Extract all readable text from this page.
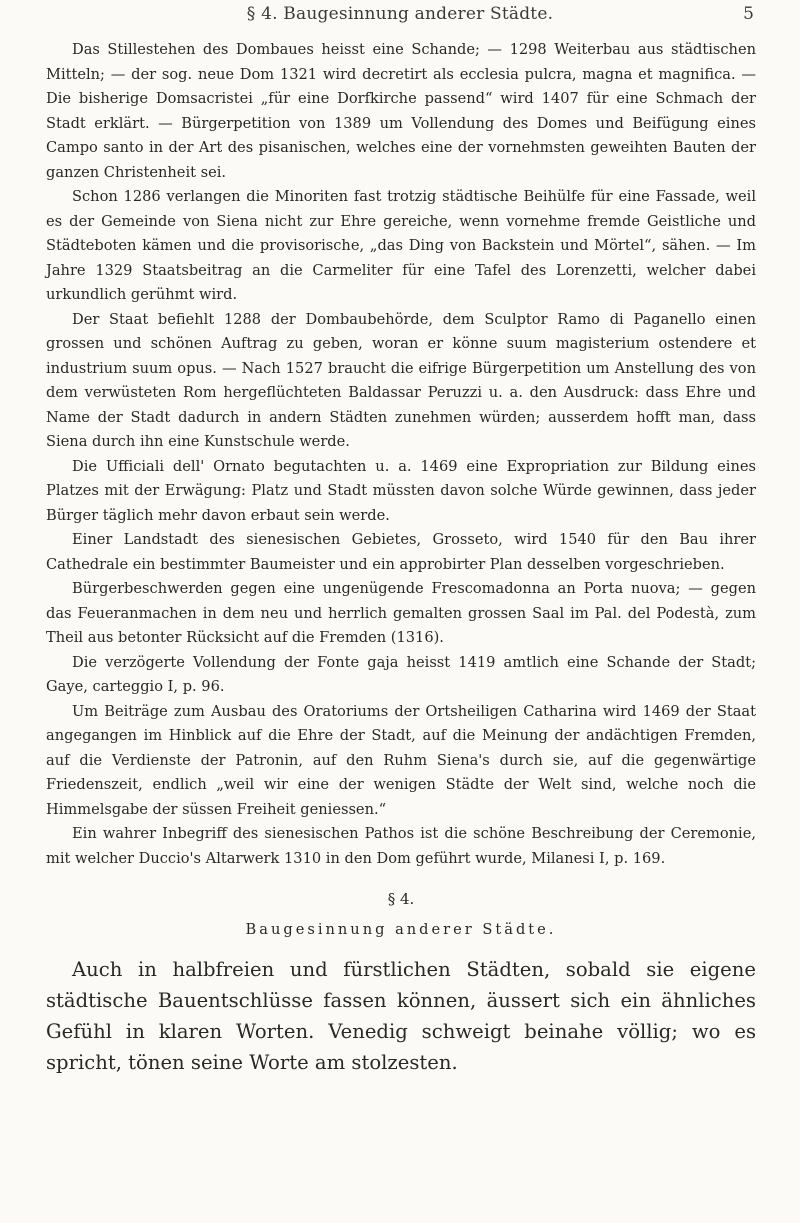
§ 4. Baugesinnung anderer Städte.	5

Das Stillestehen des Dombaues heisst eine Schande; — 1298 Weiterbau aus städtischen Mitteln; — der sog. neue Dom 1321 wird decretirt als ecclesia pulcra, magna et magnifica. — Die bisherige Domsacristei „für eine Dorfkirche passend“ wird 1407 für eine Schmach der Stadt erklärt. — Bürgerpetition von 1389 um Vollendung des Domes und Beifügung eines Campo santo in der Art des pisanischen, welches eine der vornehmsten geweihten Bauten der ganzen Christenheit sei.

Schon 1286 verlangen die Minoriten fast trotzig städtische Beihülfe für eine Fassade, weil es der Gemeinde von Siena nicht zur Ehre gereiche, wenn vornehme fremde Geistliche und Städteboten kämen und die provisorische, „das Ding von Backstein und Mörtel“, sähen. — Im Jahre 1329 Staatsbeitrag an die Carmeliter für eine Tafel des Lorenzetti, welcher dabei urkundlich gerühmt wird.

Der Staat befiehlt 1288 der Dombaubehörde, dem Sculptor Ramo di Paganello einen grossen und schönen Auftrag zu geben, woran er könne suum magisterium ostendere et industrium suum opus. — Nach 1527 braucht die eifrige Bürgerpetition um Anstellung des von dem verwüsteten Rom hergeflüchteten Baldassar Peruzzi u. a. den Ausdruck: dass Ehre und Name der Stadt dadurch in andern Städten zunehmen würden; ausserdem hofft man, dass Siena durch ihn eine Kunstschule werde.

Die Ufficiali dell' Ornato begutachten u. a. 1469 eine Expropriation zur Bildung eines Platzes mit der Erwägung: Platz und Stadt müssten davon solche Würde gewinnen, dass jeder Bürger täglich mehr davon erbaut sein werde.

Einer Landstadt des sienesischen Gebietes, Grosseto, wird 1540 für den Bau ihrer Cathedrale ein bestimmter Baumeister und ein approbirter Plan desselben vorgeschrieben.

Bürgerbeschwerden gegen eine ungenügende Frescomadonna an Porta nuova; — gegen das Feueranmachen in dem neu und herrlich gemalten grossen Saal im Pal. del Podestà, zum Theil aus betonter Rücksicht auf die Fremden (1316).

Die verzögerte Vollendung der Fonte gaja heisst 1419 amtlich eine Schande der Stadt; Gaye, carteggio I, p. 96.

Um Beiträge zum Ausbau des Oratoriums der Ortsheiligen Catharina wird 1469 der Staat angegangen im Hinblick auf die Ehre der Stadt, auf die Meinung der andächtigen Fremden, auf die Verdienste der Patronin, auf den Ruhm Siena's durch sie, auf die gegenwärtige Friedenszeit, endlich „weil wir eine der wenigen Städte der Welt sind, welche noch die Himmelsgabe der süssen Freiheit geniessen.“

Ein wahrer Inbegriff des sienesischen Pathos ist die schöne Beschreibung der Ceremonie, mit welcher Duccio's Altarwerk 1310 in den Dom geführt wurde, Milanesi I, p. 169.

§ 4.
Baugesinnung anderer Städte.
Auch in halbfreien und fürstlichen Städten, sobald sie eigene städtische Bauentschlüsse fassen können, äussert sich ein ähnliches Gefühl in klaren Worten. Venedig schweigt beinahe völlig; wo es spricht, tönen seine Worte am stolzesten.
